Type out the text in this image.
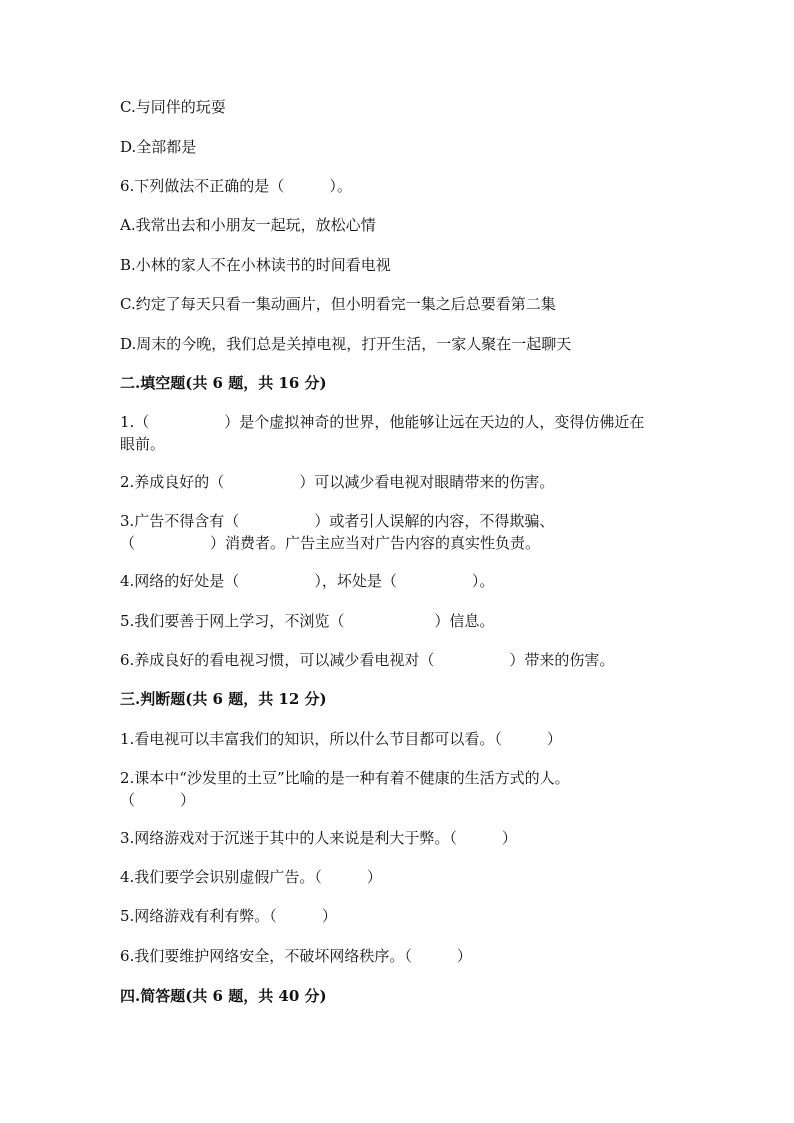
C.与同伴的玩耍
D.全部都是
6.下列做法不正确的是（　　　）。
A.我常出去和小朋友一起玩，放松心情
B.小林的家人不在小林读书的时间看电视
C.约定了每天只看一集动画片，但小明看完一集之后总要看第二集
D.周末的今晚，我们总是关掉电视，打开生活，一家人聚在一起聊天
二.填空题(共 6 题，共 16 分)
1.（　　　　　）是个虚拟神奇的世界，他能够让远在天边的人，变得仿佛近在
眼前。
2.养成良好的（　　　　　）可以减少看电视对眼睛带来的伤害。
3.广告不得含有（　　　　　）或者引人误解的内容，不得欺骗、
（　　　　　）消费者。广告主应当对广告内容的真实性负责。
4.网络的好处是（　　　　　），坏处是（　　　　　）。
5.我们要善于网上学习，不浏览（　　　　　　）信息。
6.养成良好的看电视习惯，可以减少看电视对（　　　　　）带来的伤害。
三.判断题(共 6 题，共 12 分)
1.看电视可以丰富我们的知识，所以什么节目都可以看。（　　　）
2.课本中“沙发里的土豆”比喻的是一种有着不健康的生活方式的人。
（　　　）
3.网络游戏对于沉迷于其中的人来说是利大于弊。（　　　）
4.我们要学会识别虚假广告。（　　　）
5.网络游戏有利有弊。（　　　）
6.我们要维护网络安全，不破坏网络秩序。（　　　）
四.简答题(共 6 题，共 40 分)
